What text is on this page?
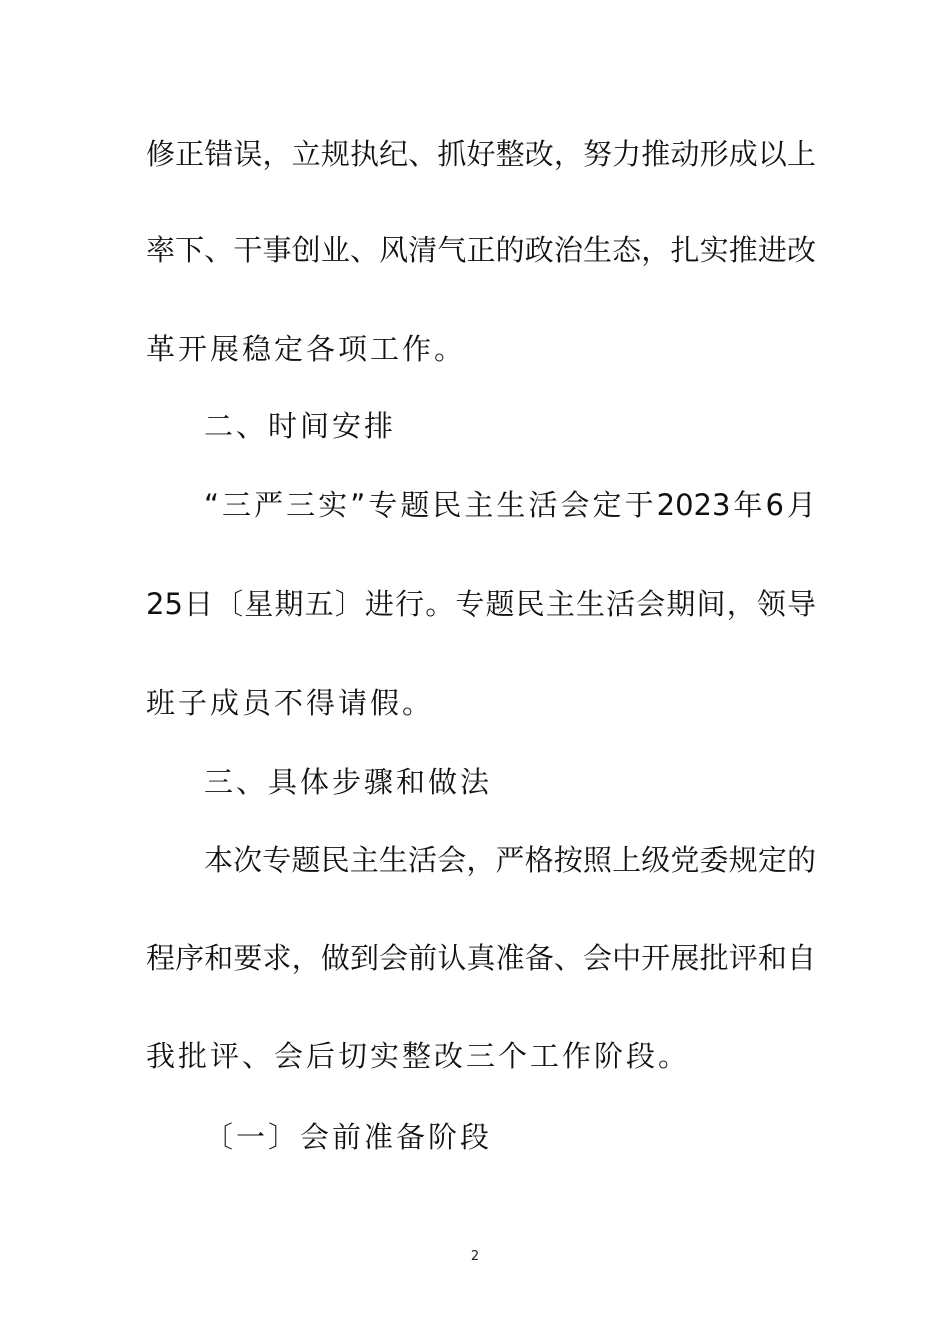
修正错误，立规执纪、抓好整改，努力推动形成以上
率下、干事创业、风清气正的政治生态，扎实推进改
革开展稳定各项工作。
二、时间安排
“三严三实”专题民主生活会定于2023年6月
25日〔星期五〕进行。专题民主生活会期间，领导
班子成员不得请假。
三、具体步骤和做法
本次专题民主生活会，严格按照上级党委规定的
程序和要求，做到会前认真准备、会中开展批评和自
我批评、会后切实整改三个工作阶段。
〔一〕会前准备阶段
2
